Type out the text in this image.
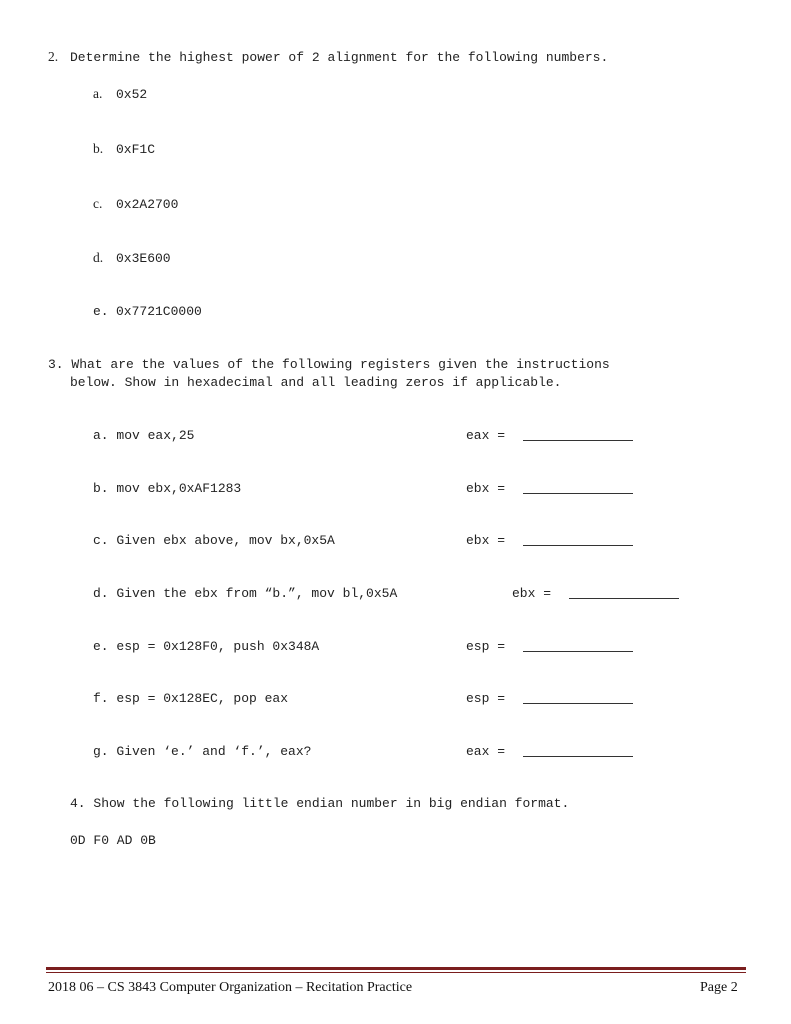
2. Determine the highest power of 2 alignment for the following numbers.
a. 0x52
b. 0xF1C
c. 0x2A2700
d. 0x3E600
e. 0x7721C0000
3. What are the values of the following registers given the instructions
below. Show in hexadecimal and all leading zeros if applicable.
a. mov eax,25	eax =
b. mov ebx,0xAF1283	ebx =
c. Given ebx above, mov bx,0x5A	ebx =
d. Given the ebx from “b.”, mov bl,0x5A	ebx =
e. esp = 0x128F0, push 0x348A	esp =
f. esp = 0x128EC, pop eax	esp =
g. Given ‘e.’ and ‘f.’, eax?	eax =
4. Show the following little endian number in big endian format.
0D F0 AD 0B
2018 06 – CS 3843 Computer Organization – Recitation Practice	Page 2
